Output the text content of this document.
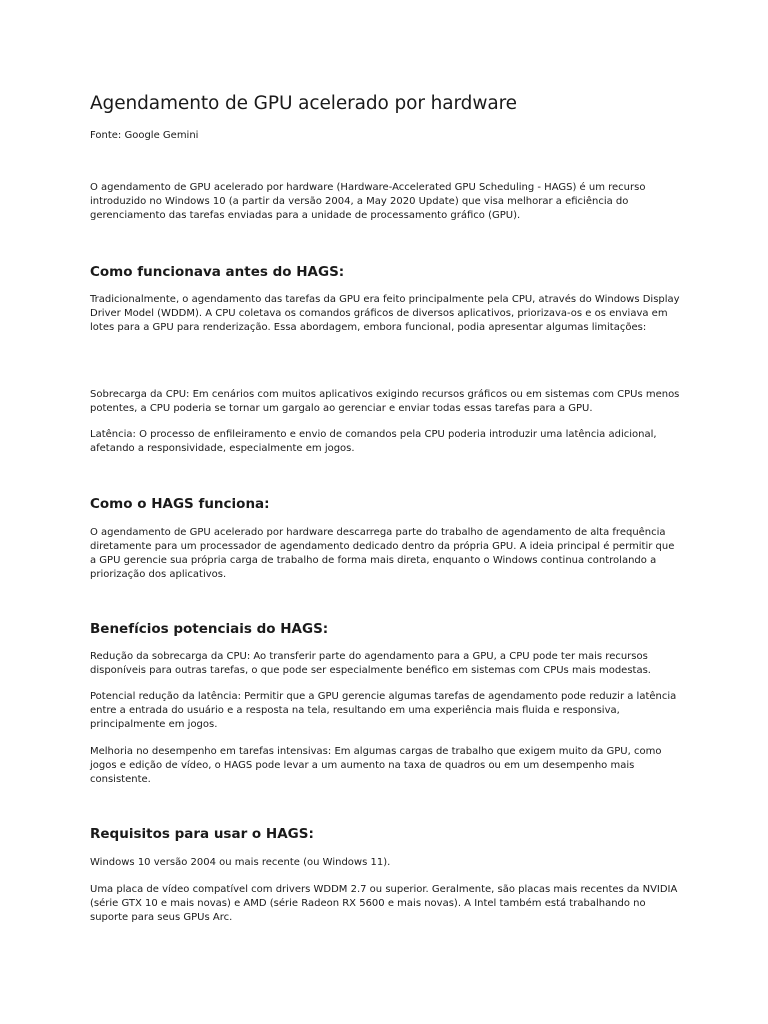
Agendamento de GPU acelerado por hardware

Fonte: Google Gemini

O agendamento de GPU acelerado por hardware (Hardware-Accelerated GPU Scheduling - HAGS) é um recurso introduzido no Windows 10 (a partir da versão 2004, a May 2020 Update) que visa melhorar a eficiência do gerenciamento das tarefas enviadas para a unidade de processamento gráfico (GPU).

Como funcionava antes do HAGS:

Tradicionalmente, o agendamento das tarefas da GPU era feito principalmente pela CPU, através do Windows Display Driver Model (WDDM). A CPU coletava os comandos gráficos de diversos aplicativos, priorizava-os e os enviava em lotes para a GPU para renderização. Essa abordagem, embora funcional, podia apresentar algumas limitações:

Sobrecarga da CPU: Em cenários com muitos aplicativos exigindo recursos gráficos ou em sistemas com CPUs menos potentes, a CPU poderia se tornar um gargalo ao gerenciar e enviar todas essas tarefas para a GPU.

Latência: O processo de enfileiramento e envio de comandos pela CPU poderia introduzir uma latência adicional, afetando a responsividade, especialmente em jogos.

Como o HAGS funciona:

O agendamento de GPU acelerado por hardware descarrega parte do trabalho de agendamento de alta frequência diretamente para um processador de agendamento dedicado dentro da própria GPU. A ideia principal é permitir que a GPU gerencie sua própria carga de trabalho de forma mais direta, enquanto o Windows continua controlando a priorização dos aplicativos.

Benefícios potenciais do HAGS:

Redução da sobrecarga da CPU: Ao transferir parte do agendamento para a GPU, a CPU pode ter mais recursos disponíveis para outras tarefas, o que pode ser especialmente benéfico em sistemas com CPUs mais modestas.

Potencial redução da latência: Permitir que a GPU gerencie algumas tarefas de agendamento pode reduzir a latência entre a entrada do usuário e a resposta na tela, resultando em uma experiência mais fluida e responsiva, principalmente em jogos.

Melhoria no desempenho em tarefas intensivas: Em algumas cargas de trabalho que exigem muito da GPU, como jogos e edição de vídeo, o HAGS pode levar a um aumento na taxa de quadros ou em um desempenho mais consistente.

Requisitos para usar o HAGS:

Windows 10 versão 2004 ou mais recente (ou Windows 11).

Uma placa de vídeo compatível com drivers WDDM 2.7 ou superior. Geralmente, são placas mais recentes da NVIDIA (série GTX 10 e mais novas) e AMD (série Radeon RX 5600 e mais novas). A Intel também está trabalhando no suporte para seus GPUs Arc.
